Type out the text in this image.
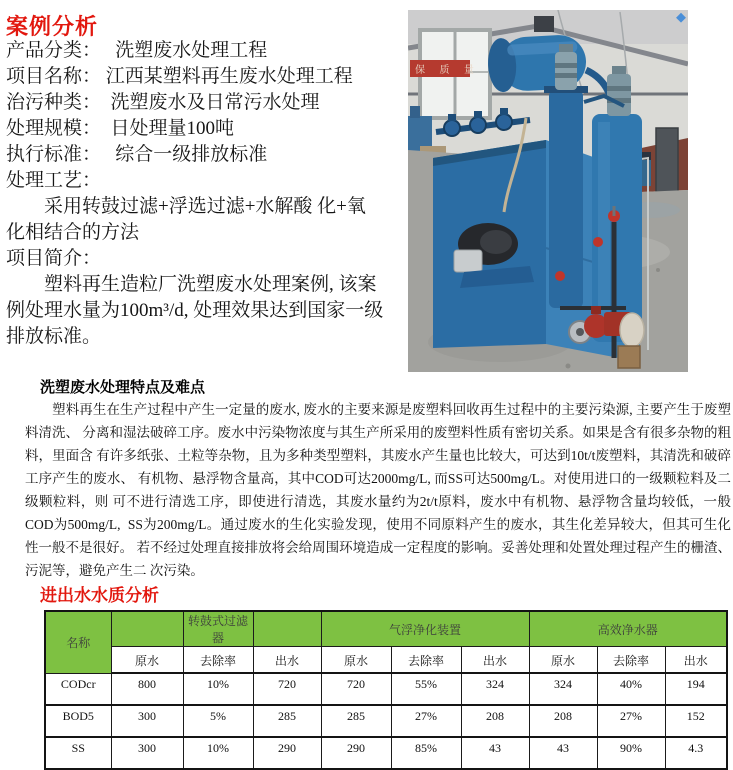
案例分析
产品分类：　 洗塑废水处理工程
项目名称： 江西某塑料再生废水处理工程
治污种类：　洗塑废水及日常污水处理
处理规模：　日处理量100吨
执行标准：　 综合一级排放标准
处理工艺：
　　采用转鼓过滤+浮选过滤+水解酸 化+氧
化相结合的方法
项目简介：
　　塑料再生造粒厂洗塑废水处理案例, 该案
例处理水量为100m³/d, 处理效果达到国家一级
排放标准。
保 质 量
洗塑废水处理特点及难点
　　塑料再生在生产过程中产生一定量的废水, 废水的主要来源是废塑料回收再生过程中的主要污染源, 主要产生于废塑料清洗、 分离和湿法破碎工序。废水中污染物浓度与其生产所采用的废塑料性质有密切关系。如果是含有很多杂物的粗料，里面含 有许多纸张、土粒等杂物，且为多种类型塑料，其废水产生量也比较大，可达到10t/t废塑料，其清洗和破碎工序产生的废水、 有机物、悬浮物含量高，其中COD可达2000mg/L, 而SS可达500mg/L。对使用进口的一级颗粒料及二级颗粒料，则 可不进行清选工序，即使进行清选，其废水量约为2t/t原料，废水中有机物、悬浮物含量均较低，一般COD为500mg/L,  SS为200mg/L。通过废水的生化实验发现，使用不同原料产生的废水，其生化差异较大，但其可生化性一般不是很好。 若不经过处理直接排放将会给周围环境造成一定程度的影响。妥善处理和处置处理过程产生的栅渣、污泥等，避免产生二 次污染。
进出水水质分析
名称		转鼓式过滤器		气浮净化装置			高效净水器		
	原水	去除率	出水	原水	去除率	出水	原水	去除率	出水
CODcr	800	10%	720	720	55%	324	324	40%	194
BOD5	300	5%	285	285	27%	208	208	27%	152
SS	300	10%	290	290	85%	43	43	90%	4.3
